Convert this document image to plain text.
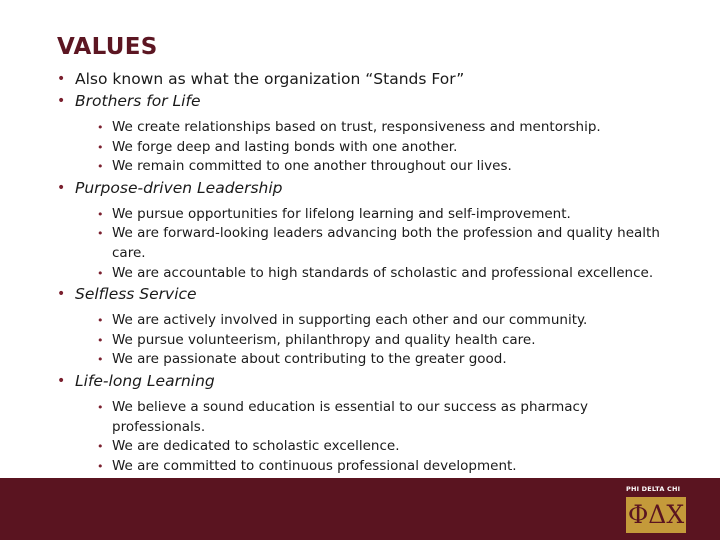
VALUES

• Also known as what the organization “Stands For”

• Brothers for Life

• We create relationships based on trust, responsiveness and mentorship.

• We forge deep and lasting bonds with one another.

• We remain committed to one another throughout our lives.

• Purpose-driven Leadership

• We pursue opportunities for lifelong learning and self-improvement.

• We are forward-looking leaders advancing both the profession and quality health care.

• We are accountable to high standards of scholastic and professional excellence.

• Selfless Service

• We are actively involved in supporting each other and our community.

• We pursue volunteerism, philanthropy and quality health care.

• We are passionate about contributing to the greater good.

• Life-long Learning

• We believe a sound education is essential to our success as pharmacy professionals.

• We are dedicated to scholastic excellence.

• We are committed to continuous professional development.

PHI DELTA CHI
ΦΔΧ
